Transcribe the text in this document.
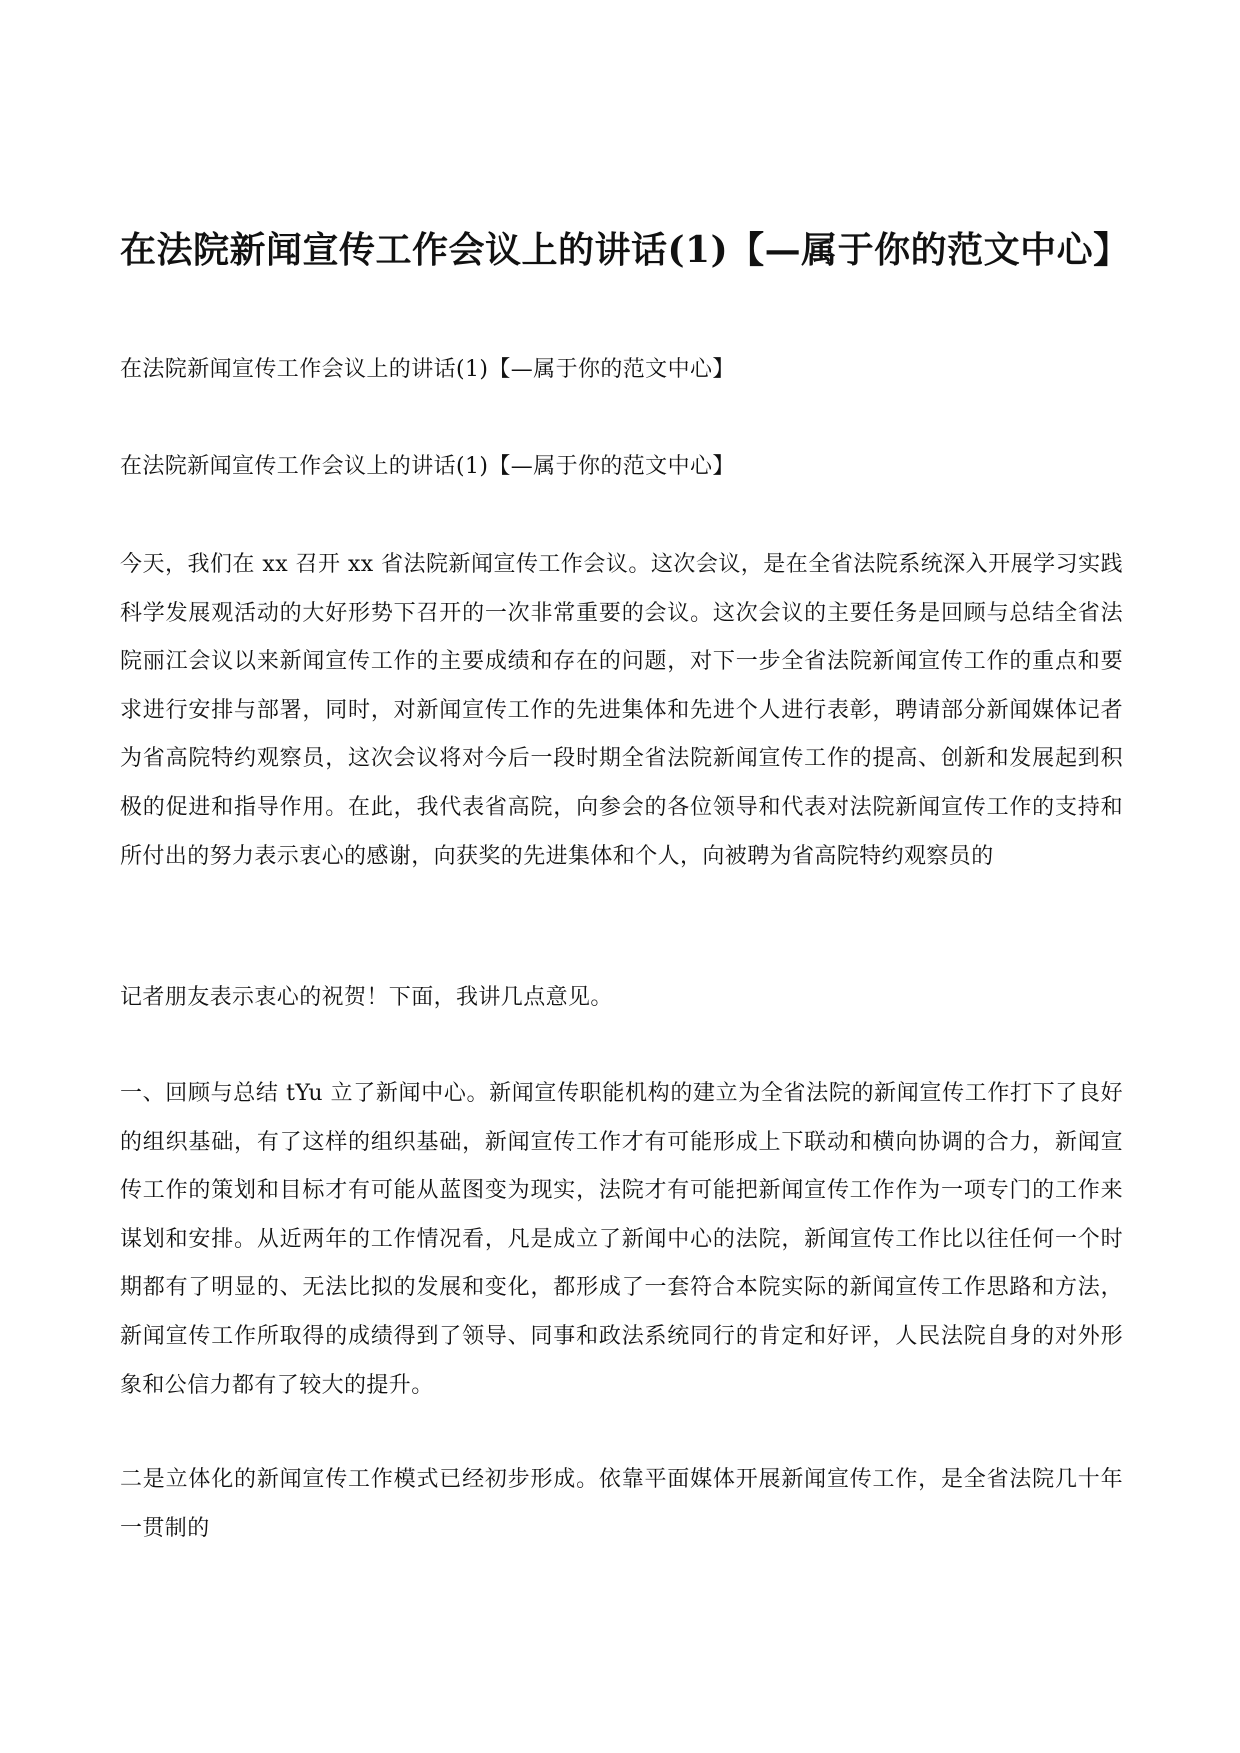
在法院新闻宣传工作会议上的讲话(1)【—属于你的范文中心】

在法院新闻宣传工作会议上的讲话(1)【—属于你的范文中心】

在法院新闻宣传工作会议上的讲话(1)【—属于你的范文中心】

今天，我们在 xx 召开 xx 省法院新闻宣传工作会议。这次会议，是在全省法院系统深入开展学习实践科学发展观活动的大好形势下召开的一次非常重要的会议。这次会议的主要任务是回顾与总结全省法院丽江会议以来新闻宣传工作的主要成绩和存在的问题，对下一步全省法院新闻宣传工作的重点和要求进行安排与部署，同时，对新闻宣传工作的先进集体和先进个人进行表彰，聘请部分新闻媒体记者为省高院特约观察员，这次会议将对今后一段时期全省法院新闻宣传工作的提高、创新和发展起到积极的促进和指导作用。在此，我代表省高院，向参会的各位领导和代表对法院新闻宣传工作的支持和所付出的努力表示衷心的感谢，向获奖的先进集体和个人，向被聘为省高院特约观察员的

记者朋友表示衷心的祝贺！下面，我讲几点意见。

一、回顾与总结 tYu 立了新闻中心。新闻宣传职能机构的建立为全省法院的新闻宣传工作打下了良好的组织基础，有了这样的组织基础，新闻宣传工作才有可能形成上下联动和横向协调的合力，新闻宣传工作的策划和目标才有可能从蓝图变为现实，法院才有可能把新闻宣传工作作为一项专门的工作来谋划和安排。从近两年的工作情况看，凡是成立了新闻中心的法院，新闻宣传工作比以往任何一个时期都有了明显的、无法比拟的发展和变化，都形成了一套符合本院实际的新闻宣传工作思路和方法，新闻宣传工作所取得的成绩得到了领导、同事和政法系统同行的肯定和好评，人民法院自身的对外形象和公信力都有了较大的提升。

二是立体化的新闻宣传工作模式已经初步形成。依靠平面媒体开展新闻宣传工作，是全省法院几十年一贯制的
